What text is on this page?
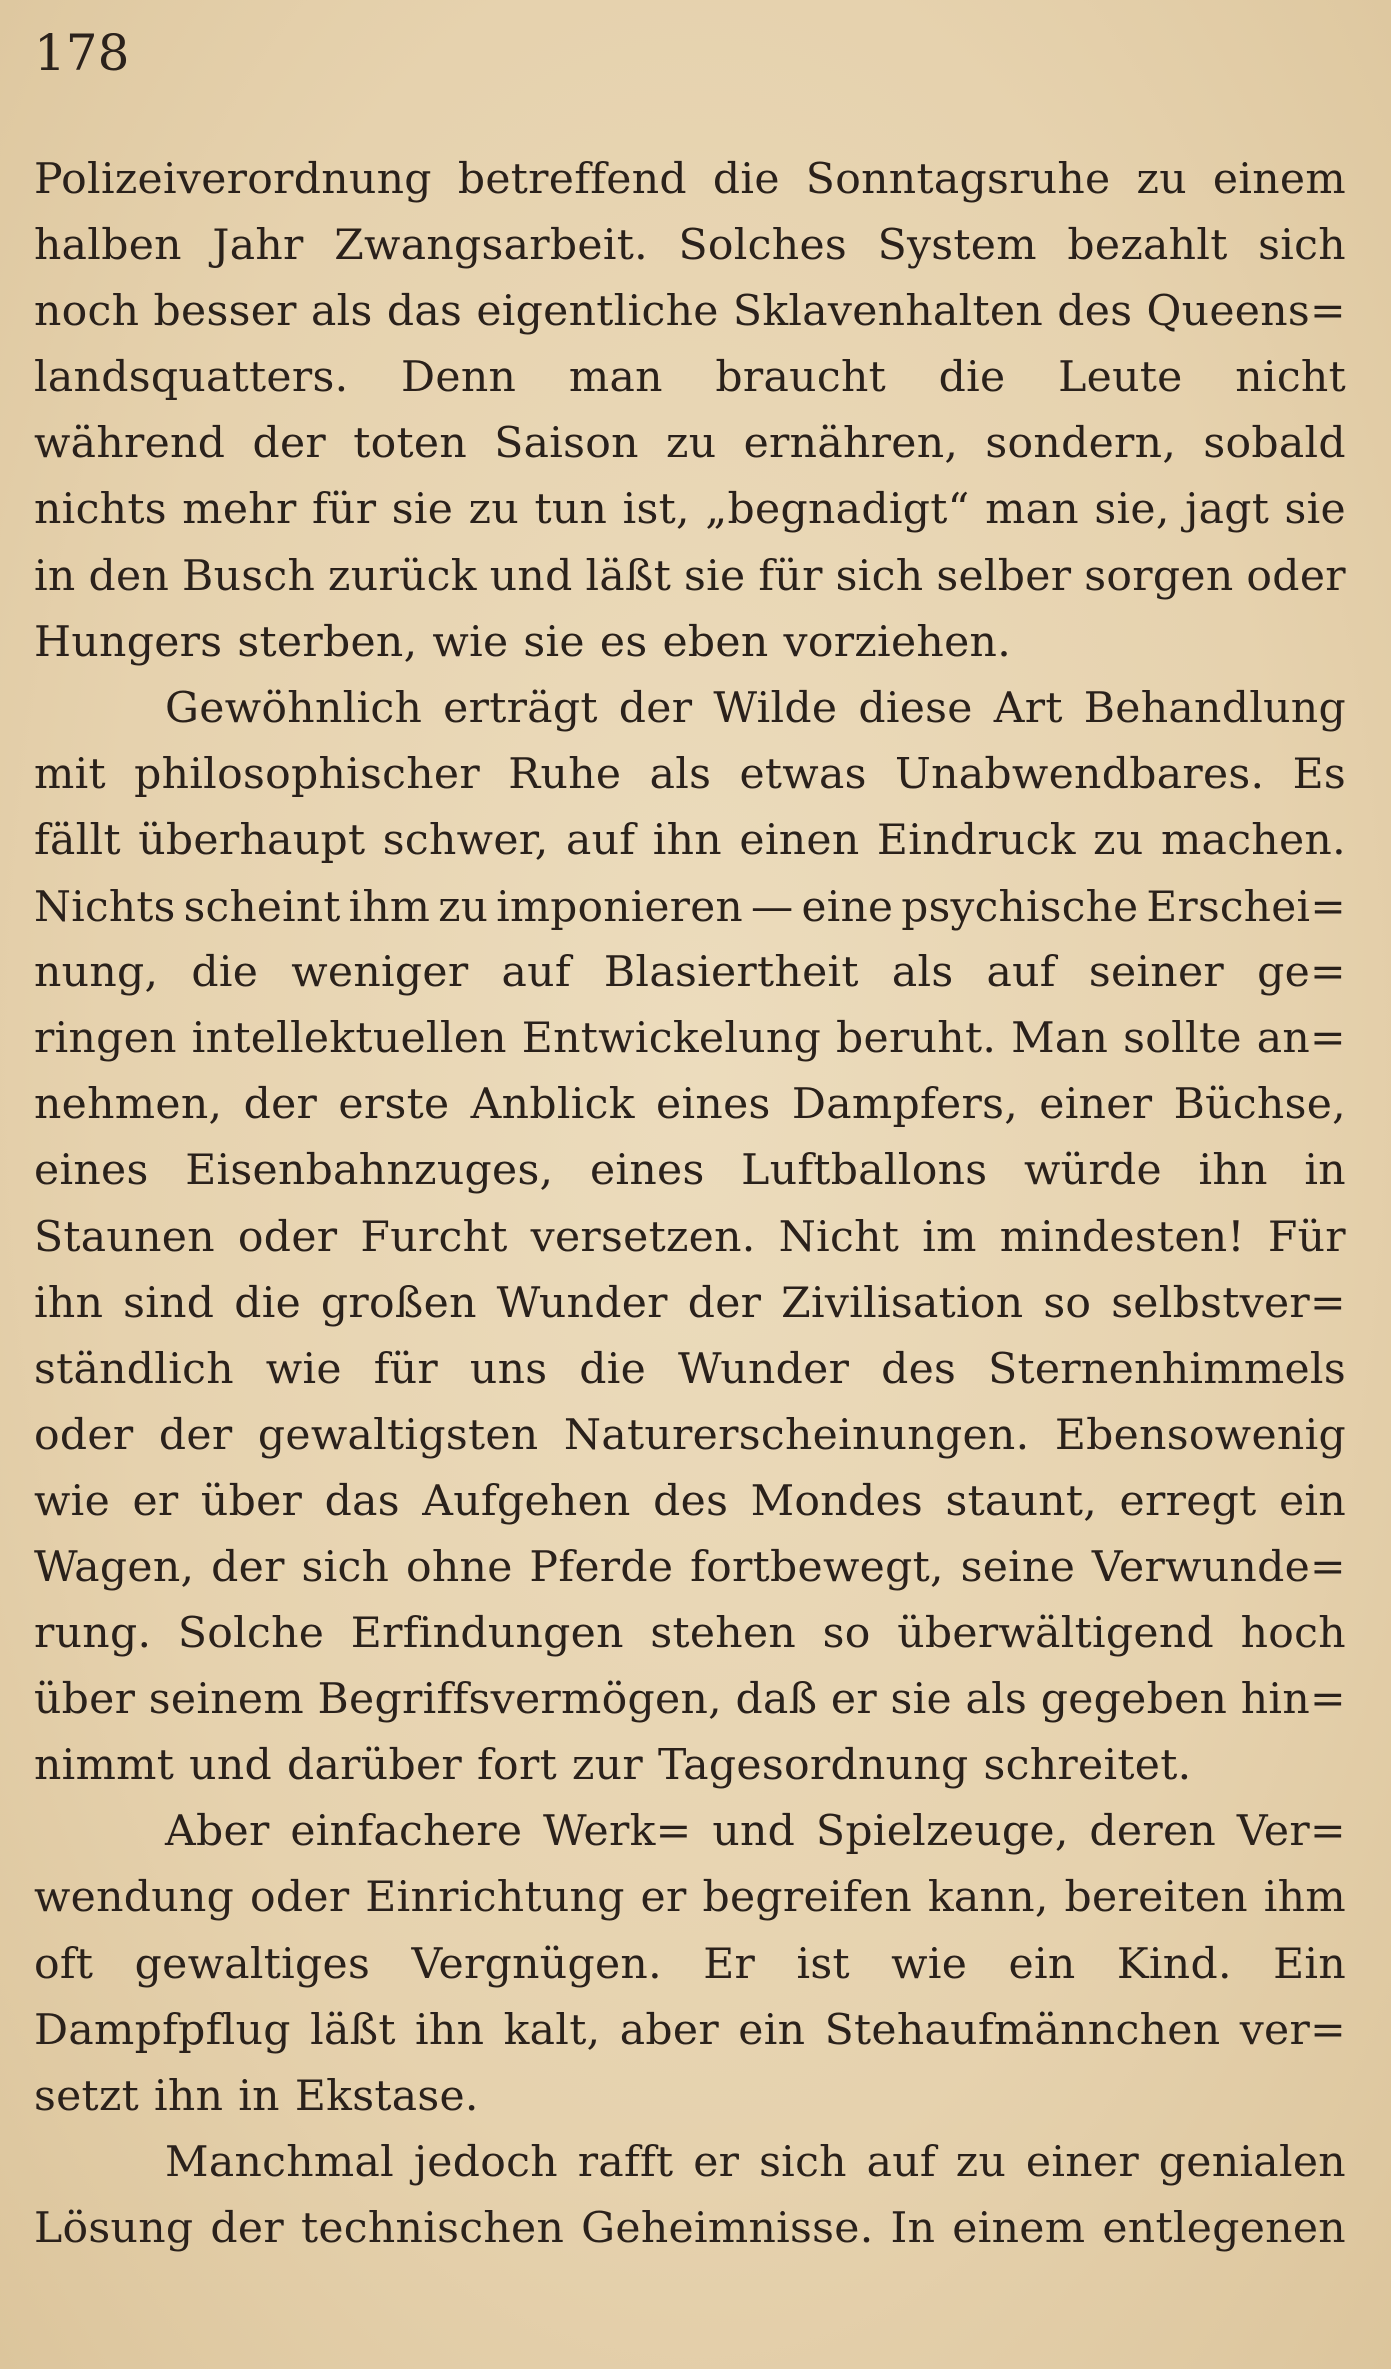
178
Polizeiverordnung betreffend die Sonntagsruhe zu einem
halben Jahr Zwangsarbeit. Solches System bezahlt sich
noch besser als das eigentliche Sklavenhalten des Queens=
landsquatters. Denn man braucht die Leute nicht
während der toten Saison zu ernähren, sondern, sobald
nichts mehr für sie zu tun ist, „begnadigt“ man sie, jagt sie
in den Busch zurück und läßt sie für sich selber sorgen oder
Hungers sterben, wie sie es eben vorziehen.
Gewöhnlich erträgt der Wilde diese Art Behandlung
mit philosophischer Ruhe als etwas Unabwendbares. Es
fällt überhaupt schwer, auf ihn einen Eindruck zu machen.
Nichts scheint ihm zu imponieren — eine psychische Erschei=
nung, die weniger auf Blasiertheit als auf seiner ge=
ringen intellektuellen Entwickelung beruht. Man sollte an=
nehmen, der erste Anblick eines Dampfers, einer Büchse,
eines Eisenbahnzuges, eines Luftballons würde ihn in
Staunen oder Furcht versetzen. Nicht im mindesten! Für
ihn sind die großen Wunder der Zivilisation so selbstver=
ständlich wie für uns die Wunder des Sternenhimmels
oder der gewaltigsten Naturerscheinungen. Ebensowenig
wie er über das Aufgehen des Mondes staunt, erregt ein
Wagen, der sich ohne Pferde fortbewegt, seine Verwunde=
rung. Solche Erfindungen stehen so überwältigend hoch
über seinem Begriffsvermögen, daß er sie als gegeben hin=
nimmt und darüber fort zur Tagesordnung schreitet.
Aber einfachere Werk= und Spielzeuge, deren Ver=
wendung oder Einrichtung er begreifen kann, bereiten ihm
oft gewaltiges Vergnügen. Er ist wie ein Kind. Ein
Dampfpflug läßt ihn kalt, aber ein Stehaufmännchen ver=
setzt ihn in Ekstase.
Manchmal jedoch rafft er sich auf zu einer genialen
Lösung der technischen Geheimnisse. In einem entlegenen
